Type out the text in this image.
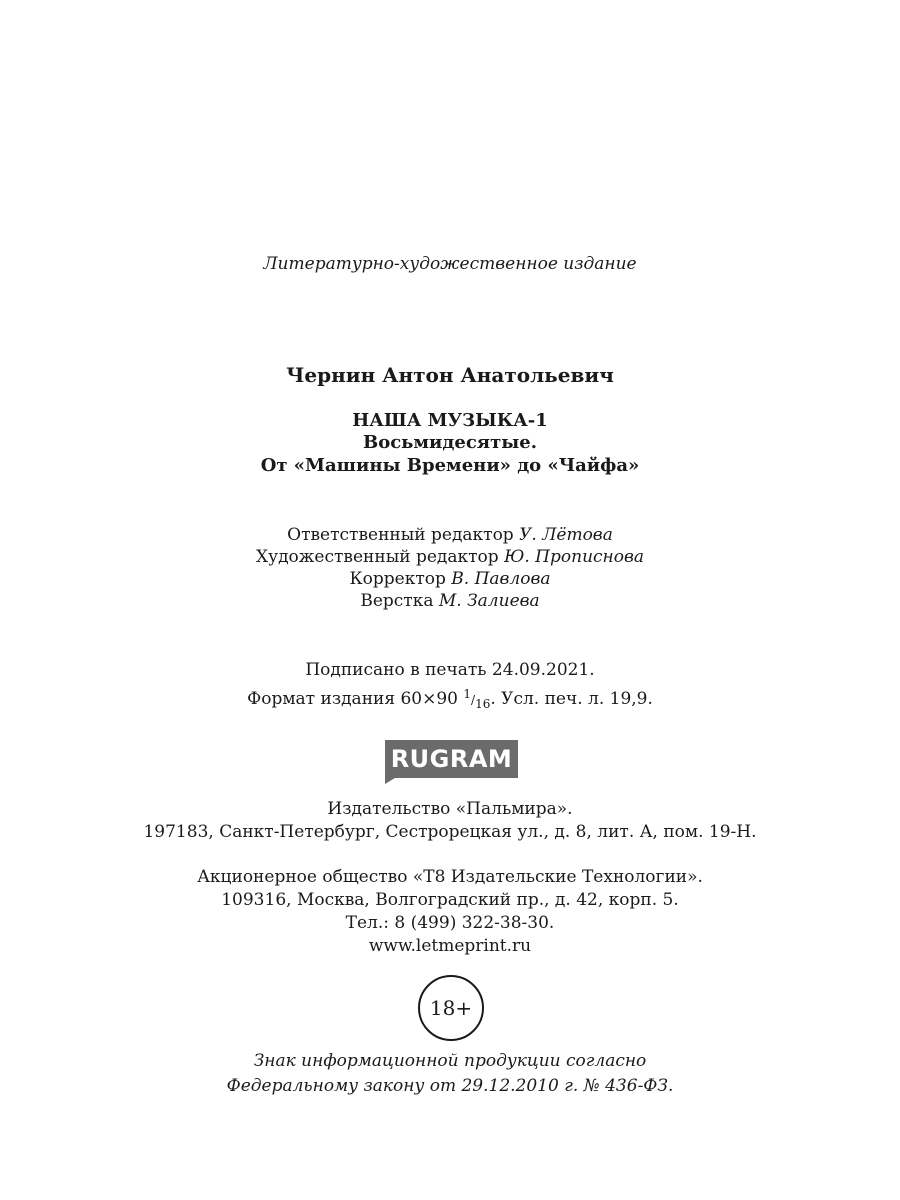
Литературно-художественное издание
Чернин Антон Анатольевич
НАША МУЗЫКА-1
Восьмидесятые.
От «Машины Времени» до «Чайфа»
Ответственный редактор У. Лётова
Художественный редактор Ю. Прописнова
Корректор В. Павлова
Верстка М. Залиева
Подписано в печать 24.09.2021.
Формат издания 60×90 1/16. Усл. печ. л. 19,9.
RUGRAM
Издательство «Пальмира».
197183, Санкт-Петербург, Сестрорецкая ул., д. 8, лит. А, пом. 19-Н.
Акционерное общество «Т8 Издательские Технологии».
109316, Москва, Волгоградский пр., д. 42, корп. 5.
Тел.: 8 (499) 322-38-30.
www.letmeprint.ru
18+
Знак информационной продукции согласно
Федеральному закону от 29.12.2010 г. № 436-ФЗ.
